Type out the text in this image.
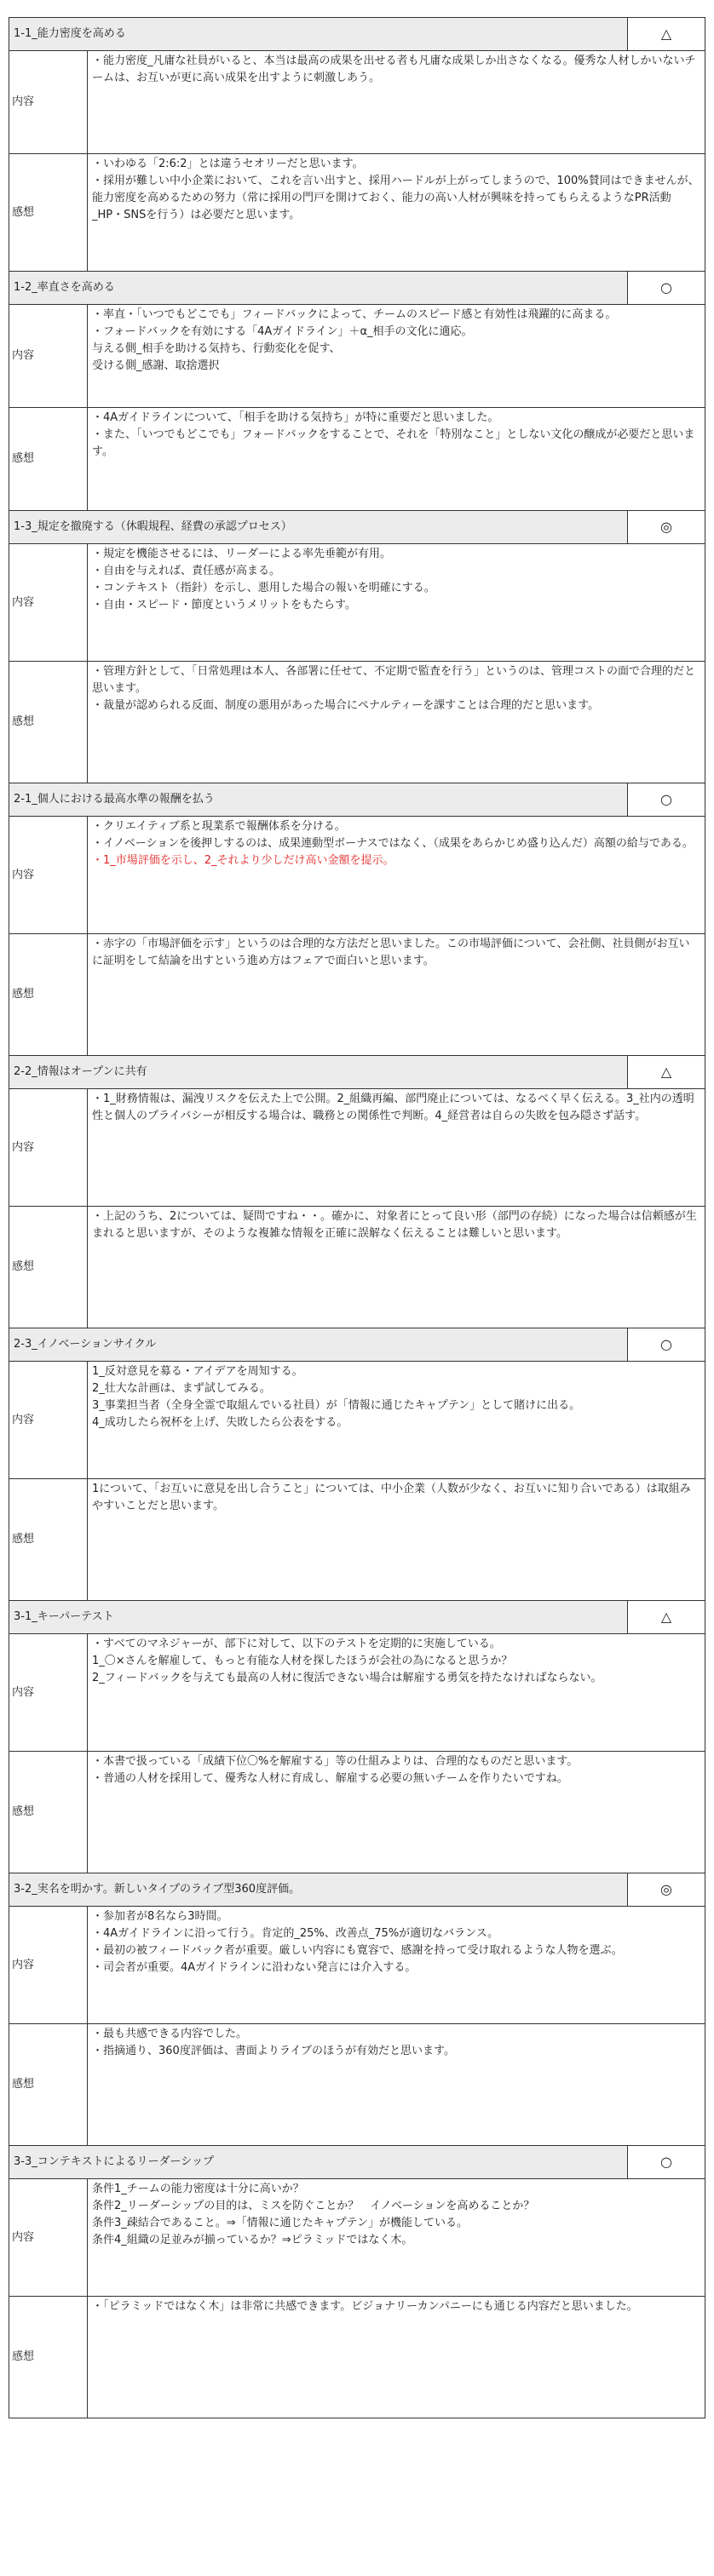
1-1_能力密度を高める		△
内容	・能力密度_凡庸な社員がいると、本当は最高の成果を出せる者も凡庸な成果しか出さなくなる。優秀な人材しかいないチームは、お互いが更に高い成果を出すように刺激しあう。	

感想	・いわゆる「2:6:2」とは違うセオリーだと思います。
・採用が難しい中小企業において、これを言い出すと、採用ハードルが上がってしまうので、100%賛同はできませんが、能力密度を高めるための努力（常に採用の門戸を開けておく、能力の高い人材が興味を持ってもらえるようなPR活動_HP・SNSを行う）は必要だと思います。	

1-2_率直さを高める		○
内容	・率直・「いつでもどこでも」フィードバックによって、チームのスピード感と有効性は飛躍的に高まる。
・フォードバックを有効にする「4Aガイドライン」＋α_相手の文化に適応。
与える側_相手を助ける気持ち、行動変化を促す、
受ける側_感謝、取捨選択	

感想	・4Aガイドラインについて、「相手を助ける気持ち」が特に重要だと思いました。
・また、「いつでもどこでも」フォードバックをすることで、それを「特別なこと」としない文化の醸成が必要だと思います。	

1-3_規定を撤廃する（休暇規程、経費の承認プロセス）		◎
内容	・規定を機能させるには、リーダーによる率先垂範が有用。
・自由を与えれば、責任感が高まる。
・コンテキスト（指針）を示し、悪用した場合の報いを明確にする。
・自由・スピード・節度というメリットをもたらす。	

感想	・管理方針として、「日常処理は本人、各部署に任せて、不定期で監査を行う」というのは、管理コストの面で合理的だと思います。
・裁量が認められる反面、制度の悪用があった場合にペナルティーを課すことは合理的だと思います。	

2-1_個人における最高水準の報酬を払う		○
内容	・クリエイティブ系と現業系で報酬体系を分ける。
・イノベーションを後押しするのは、成果連動型ボーナスではなく、（成果をあらかじめ盛り込んだ）高額の給与である。
・1_市場評価を示し、2_それより少しだけ高い金額を提示。	

感想	・赤字の「市場評価を示す」というのは合理的な方法だと思いました。この市場評価について、会社側、社員側がお互いに証明をして結論を出すという進め方はフェアで面白いと思います。	

2-2_情報はオープンに共有		△
内容	・1_財務情報は、漏洩リスクを伝えた上で公開。2_組織再編、部門廃止については、なるべく早く伝える。3_社内の透明性と個人のプライバシーが相反する場合は、職務との関係性で判断。4_経営者は自らの失敗を包み隠さず話す。	

感想	・上記のうち、2については、疑問ですね・・。確かに、対象者にとって良い形（部門の存続）になった場合は信頼感が生まれると思いますが、そのような複雑な情報を正確に誤解なく伝えることは難しいと思います。	

2-3_イノベーションサイクル		○
内容	1_反対意見を募る・アイデアを周知する。
2_壮大な計画は、まず試してみる。
3_事業担当者（全身全霊で取組んでいる社員）が「情報に通じたキャプテン」として賭けに出る。
4_成功したら祝杯を上げ、失敗したら公表をする。	

感想	1について、「お互いに意見を出し合うこと」については、中小企業（人数が少なく、お互いに知り合いである）は取組みやすいことだと思います。	

3-1_キーパーテスト		△
内容	・すべてのマネジャーが、部下に対して、以下のテストを定期的に実施している。
1_〇×さんを解雇して、もっと有能な人材を探したほうが会社の為になると思うか？
2_フィードバックを与えても最高の人材に復活できない場合は解雇する勇気を持たなければならない。	

感想	・本書で扱っている「成績下位〇%を解雇する」等の仕組みよりは、合理的なものだと思います。
・普通の人材を採用して、優秀な人材に育成し、解雇する必要の無いチームを作りたいですね。	

3-2_実名を明かす。新しいタイプのライブ型360度評価。		◎
内容	・参加者が8名なら3時間。
・4Aガイドラインに沿って行う。肯定的_25%、改善点_75%が適切なバランス。
・最初の被フィードバック者が重要。厳しい内容にも寛容で、感謝を持って受け取れるような人物を選ぶ。
・司会者が重要。4Aガイドラインに沿わない発言には介入する。	

感想	・最も共感できる内容でした。
・指摘通り、360度評価は、書面よりライブのほうが有効だと思います。	

3-3_コンテキストによるリーダーシップ		○
内容	条件1_チームの能力密度は十分に高いか？
条件2_リーダーシップの目的は、ミスを防ぐことか？　イノベーションを高めることか？
条件3_疎結合であること。⇒「情報に通じたキャプテン」が機能している。
条件4_組織の足並みが揃っているか？⇒ピラミッドではなく木。	

感想	・「ピラミッドではなく木」は非常に共感できます。ビジョナリーカンパニーにも通じる内容だと思いました。	
